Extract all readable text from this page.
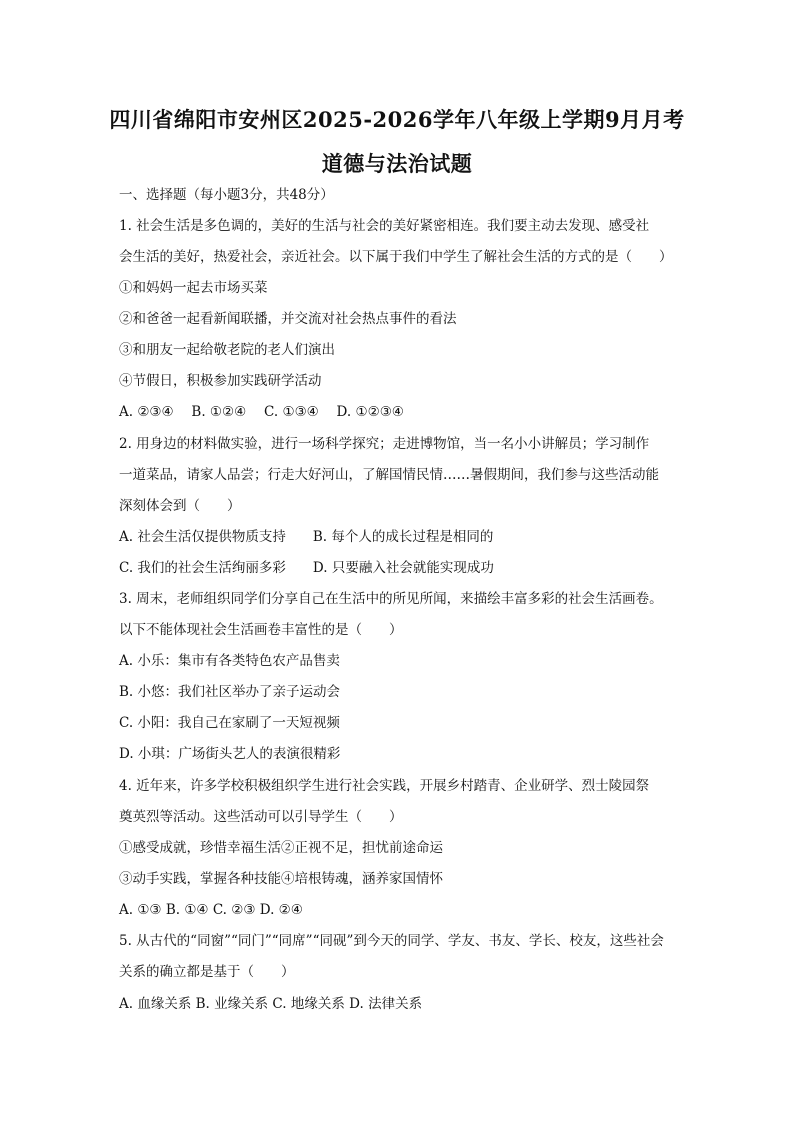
四川省绵阳市安州区2025-2026学年八年级上学期9月月考
道德与法治试题
一、选择题（每小题3分，共48分）
1. 社会生活是多色调的，美好的生活与社会的美好紧密相连。我们要主动去发现、感受社
会生活的美好，热爱社会，亲近社会。以下属于我们中学生了解社会生活的方式的是（　　）
①和妈妈一起去市场买菜
②和爸爸一起看新闻联播，并交流对社会热点事件的看法
③和朋友一起给敬老院的老人们演出
④节假日，积极参加实践研学活动
A. ②③④　 B. ①②④　 C. ①③④　 D. ①②③④
2. 用身边的材料做实验，进行一场科学探究；走进博物馆，当一名小小讲解员；学习制作
一道菜品，请家人品尝；行走大好河山，了解国情民情……暑假期间，我们参与这些活动能
深刻体会到（　　）
A. 社会生活仅提供物质支持　　B. 每个人的成长过程是相同的
C. 我们的社会生活绚丽多彩　　D. 只要融入社会就能实现成功
3. 周末，老师组织同学们分享自己在生活中的所见所闻，来描绘丰富多彩的社会生活画卷。
以下不能体现社会生活画卷丰富性的是（　　）
A. 小乐：集市有各类特色农产品售卖
B. 小悠：我们社区举办了亲子运动会
C. 小阳：我自己在家刷了一天短视频
D. 小琪：广场街头艺人的表演很精彩
4. 近年来，许多学校积极组织学生进行社会实践，开展乡村踏青、企业研学、烈士陵园祭
奠英烈等活动。这些活动可以引导学生（　　）
①感受成就，珍惜幸福生活②正视不足，担忧前途命运
③动手实践，掌握各种技能④培根铸魂，涵养家国情怀
A. ①③ B. ①④ C. ②③ D. ②④
5. 从古代的“同窗”“同门”“同席”“同砚”到今天的同学、学友、书友、学长、校友，这些社会
关系的确立都是基于（　　）
A. 血缘关系 B. 业缘关系 C. 地缘关系 D. 法律关系
